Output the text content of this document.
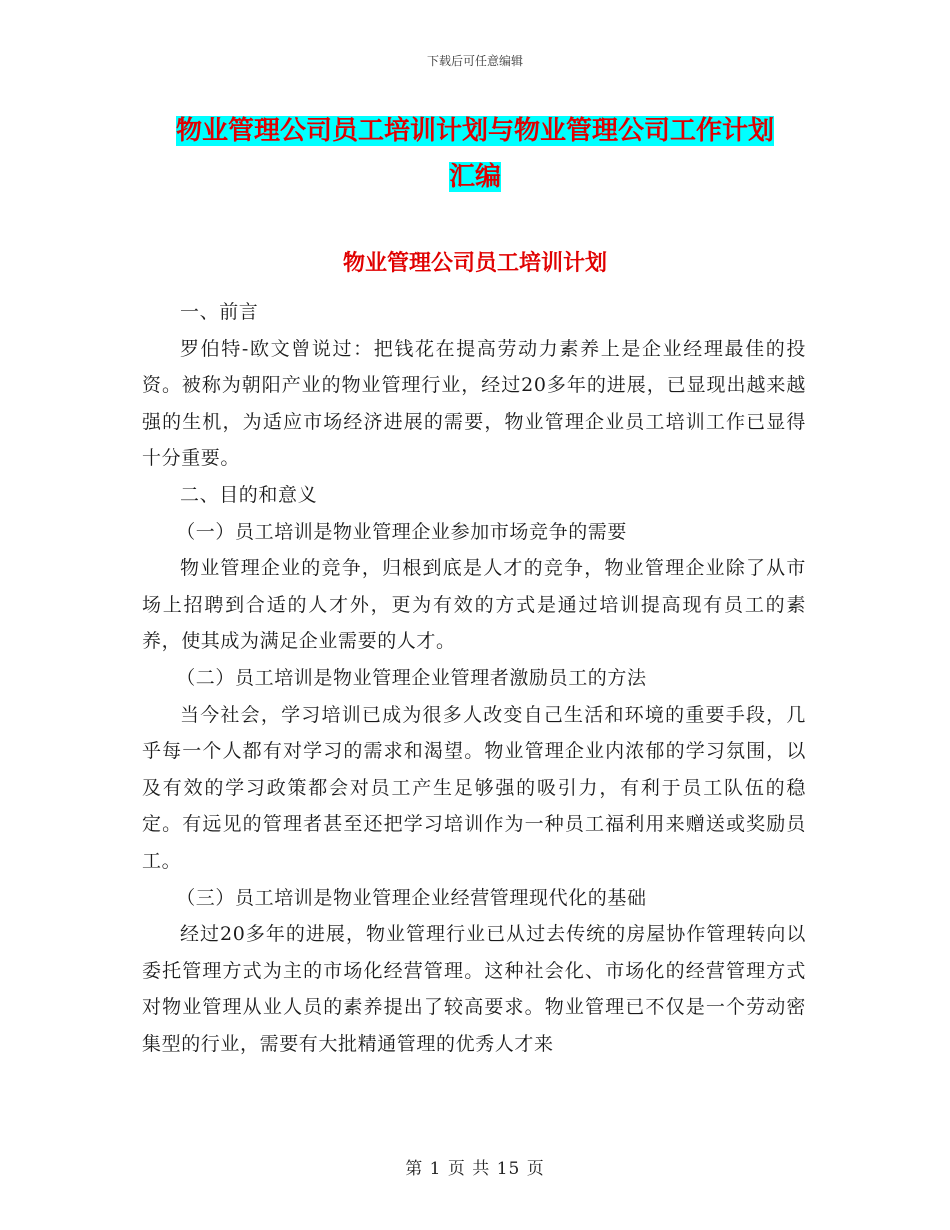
下载后可任意编辑
物业管理公司员工培训计划与物业管理公司工作计划
汇编
物业管理公司员工培训计划

一、前言

罗伯特-欧文曾说过：把钱花在提高劳动力素养上是企业经理最佳的投资。被称为朝阳产业的物业管理行业，经过20多年的进展，已显现出越来越强的生机，为适应市场经济进展的需要，物业管理企业员工培训工作已显得十分重要。

二、目的和意义

（一）员工培训是物业管理企业参加市场竞争的需要

物业管理企业的竞争，归根到底是人才的竞争，物业管理企业除了从市场上招聘到合适的人才外，更为有效的方式是通过培训提高现有员工的素养，使其成为满足企业需要的人才。

（二）员工培训是物业管理企业管理者激励员工的方法

当今社会，学习培训已成为很多人改变自己生活和环境的重要手段，几乎每一个人都有对学习的需求和渴望。物业管理企业内浓郁的学习氛围，以及有效的学习政策都会对员工产生足够强的吸引力，有利于员工队伍的稳定。有远见的管理者甚至还把学习培训作为一种员工福利用来赠送或奖励员工。

（三）员工培训是物业管理企业经营管理现代化的基础

经过20多年的进展，物业管理行业已从过去传统的房屋协作管理转向以委托管理方式为主的市场化经营管理。这种社会化、市场化的经营管理方式对物业管理从业人员的素养提出了较高要求。物业管理已不仅是一个劳动密集型的行业，需要有大批精通管理的优秀人才来

第 1 页 共 15 页
